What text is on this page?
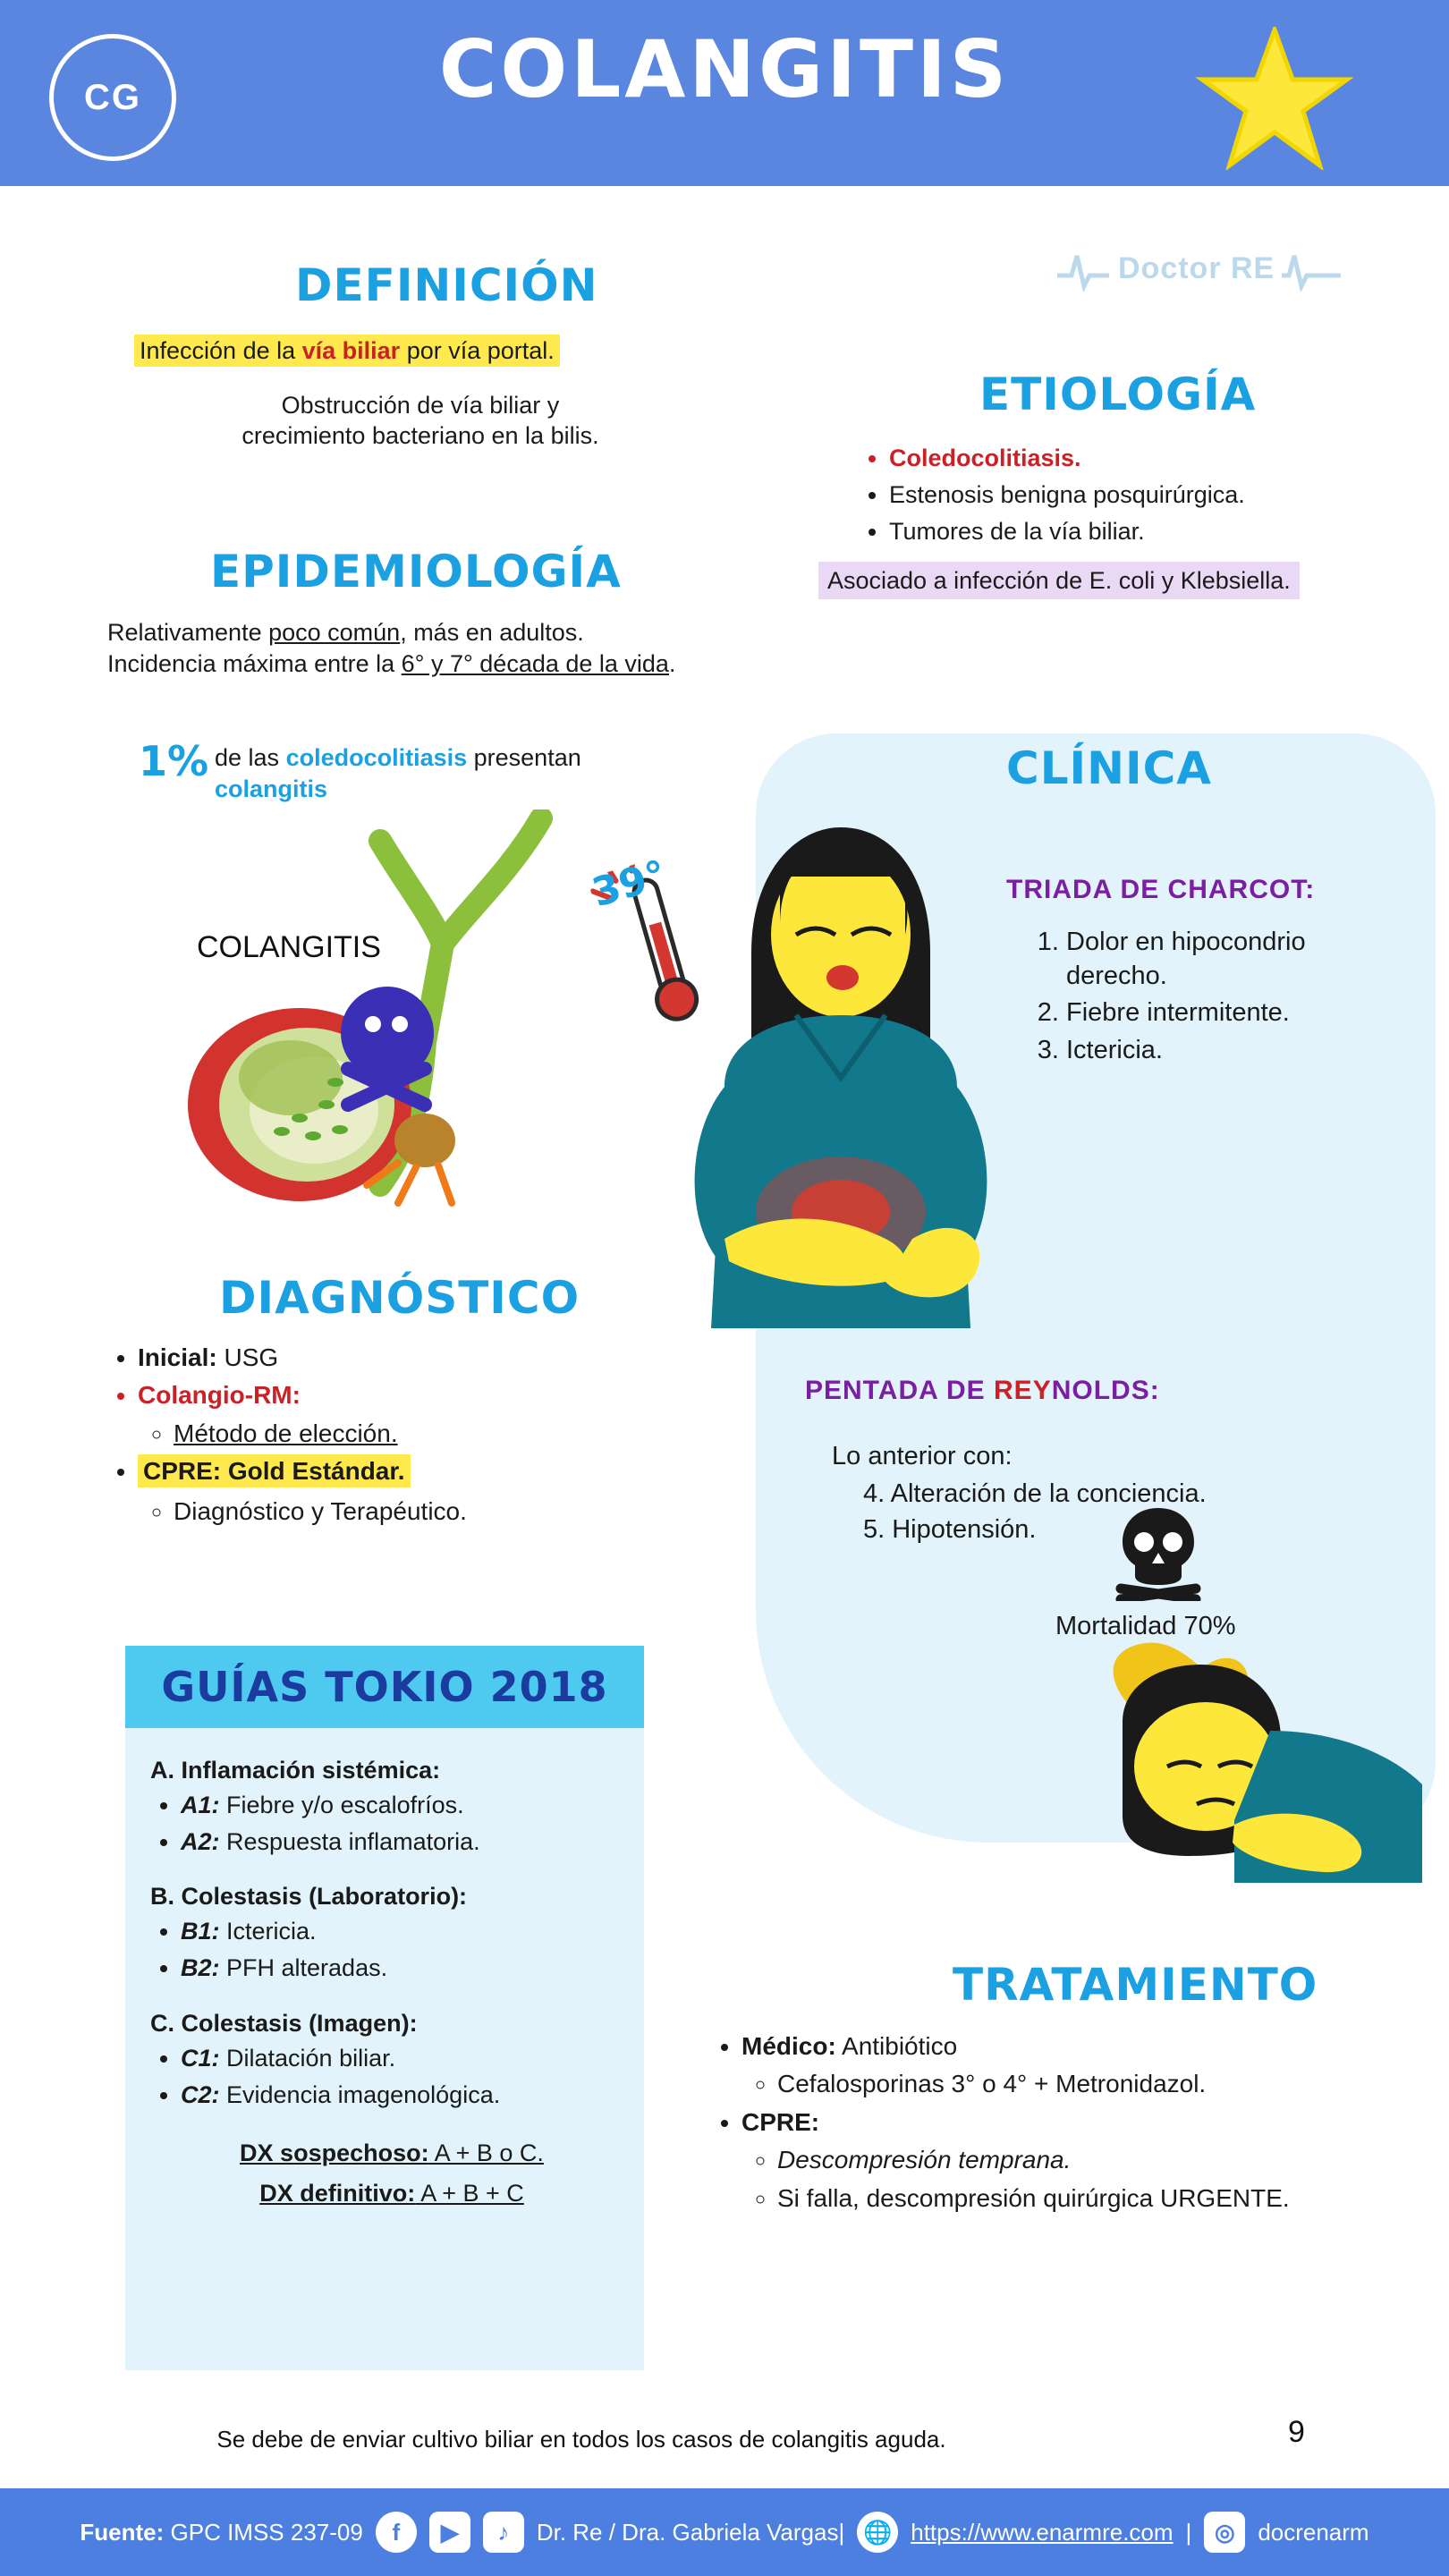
CG	COLANGITIS
Doctor RE
DEFINICIÓN
Infección de la vía biliar por vía portal.
Obstrucción de vía biliar y
crecimiento bacteriano en la bilis.
ETIOLOGÍA
• Coledocolitiasis.
• Estenosis benigna posquirúrgica.
• Tumores de la vía biliar.
Asociado a infección de E. coli y Klebsiella.
EPIDEMIOLOGÍA
Relativamente poco común, más en adultos.
Incidencia máxima entre la 6° y 7° década de la vida.
1% de las coledocolitiasis presentan
colangitis	CLÍNICA
COLANGITIS
39°	TRIADA DE CHARCOT:
1. Dolor en hipocondrio derecho.
2. Fiebre intermitente.
3. Ictericia.
DIAGNÓSTICO
• Inicial: USG
• Colangio-RM:
◦ Método de elección.
• CPRE: Gold Estándar.
◦ Diagnóstico y Terapéutico.
PENTADA DE REYNOLDS:
Lo anterior con:
4. Alteración de la conciencia.
5. Hipotensión.
Mortalidad 70%
GUÍAS TOKIO 2018
A. Inflamación sistémica:
• A1: Fiebre y/o escalofríos.
• A2: Respuesta inflamatoria.
B. Colestasis (Laboratorio):
• B1: Ictericia.
• B2: PFH alteradas.
C. Colestasis (Imagen):
• C1: Dilatación biliar.
• C2: Evidencia imagenológica.
DX sospechoso: A + B o C.
DX definitivo: A + B + C
TRATAMIENTO
• Médico: Antibiótico
◦ Cefalosporinas 3° o 4° + Metronidazol.
• CPRE:
◦ Descompresión temprana.
◦ Si falla, descompresión quirúrgica URGENTE.
Se debe de enviar cultivo biliar en todos los casos de colangitis aguda.	9
Fuente: GPC IMSS 237-09	f	▶	♪	Dr. Re / Dra. Gabriela Vargas| 🌐 https://www.enarmre.com | ◎ docrenarm
